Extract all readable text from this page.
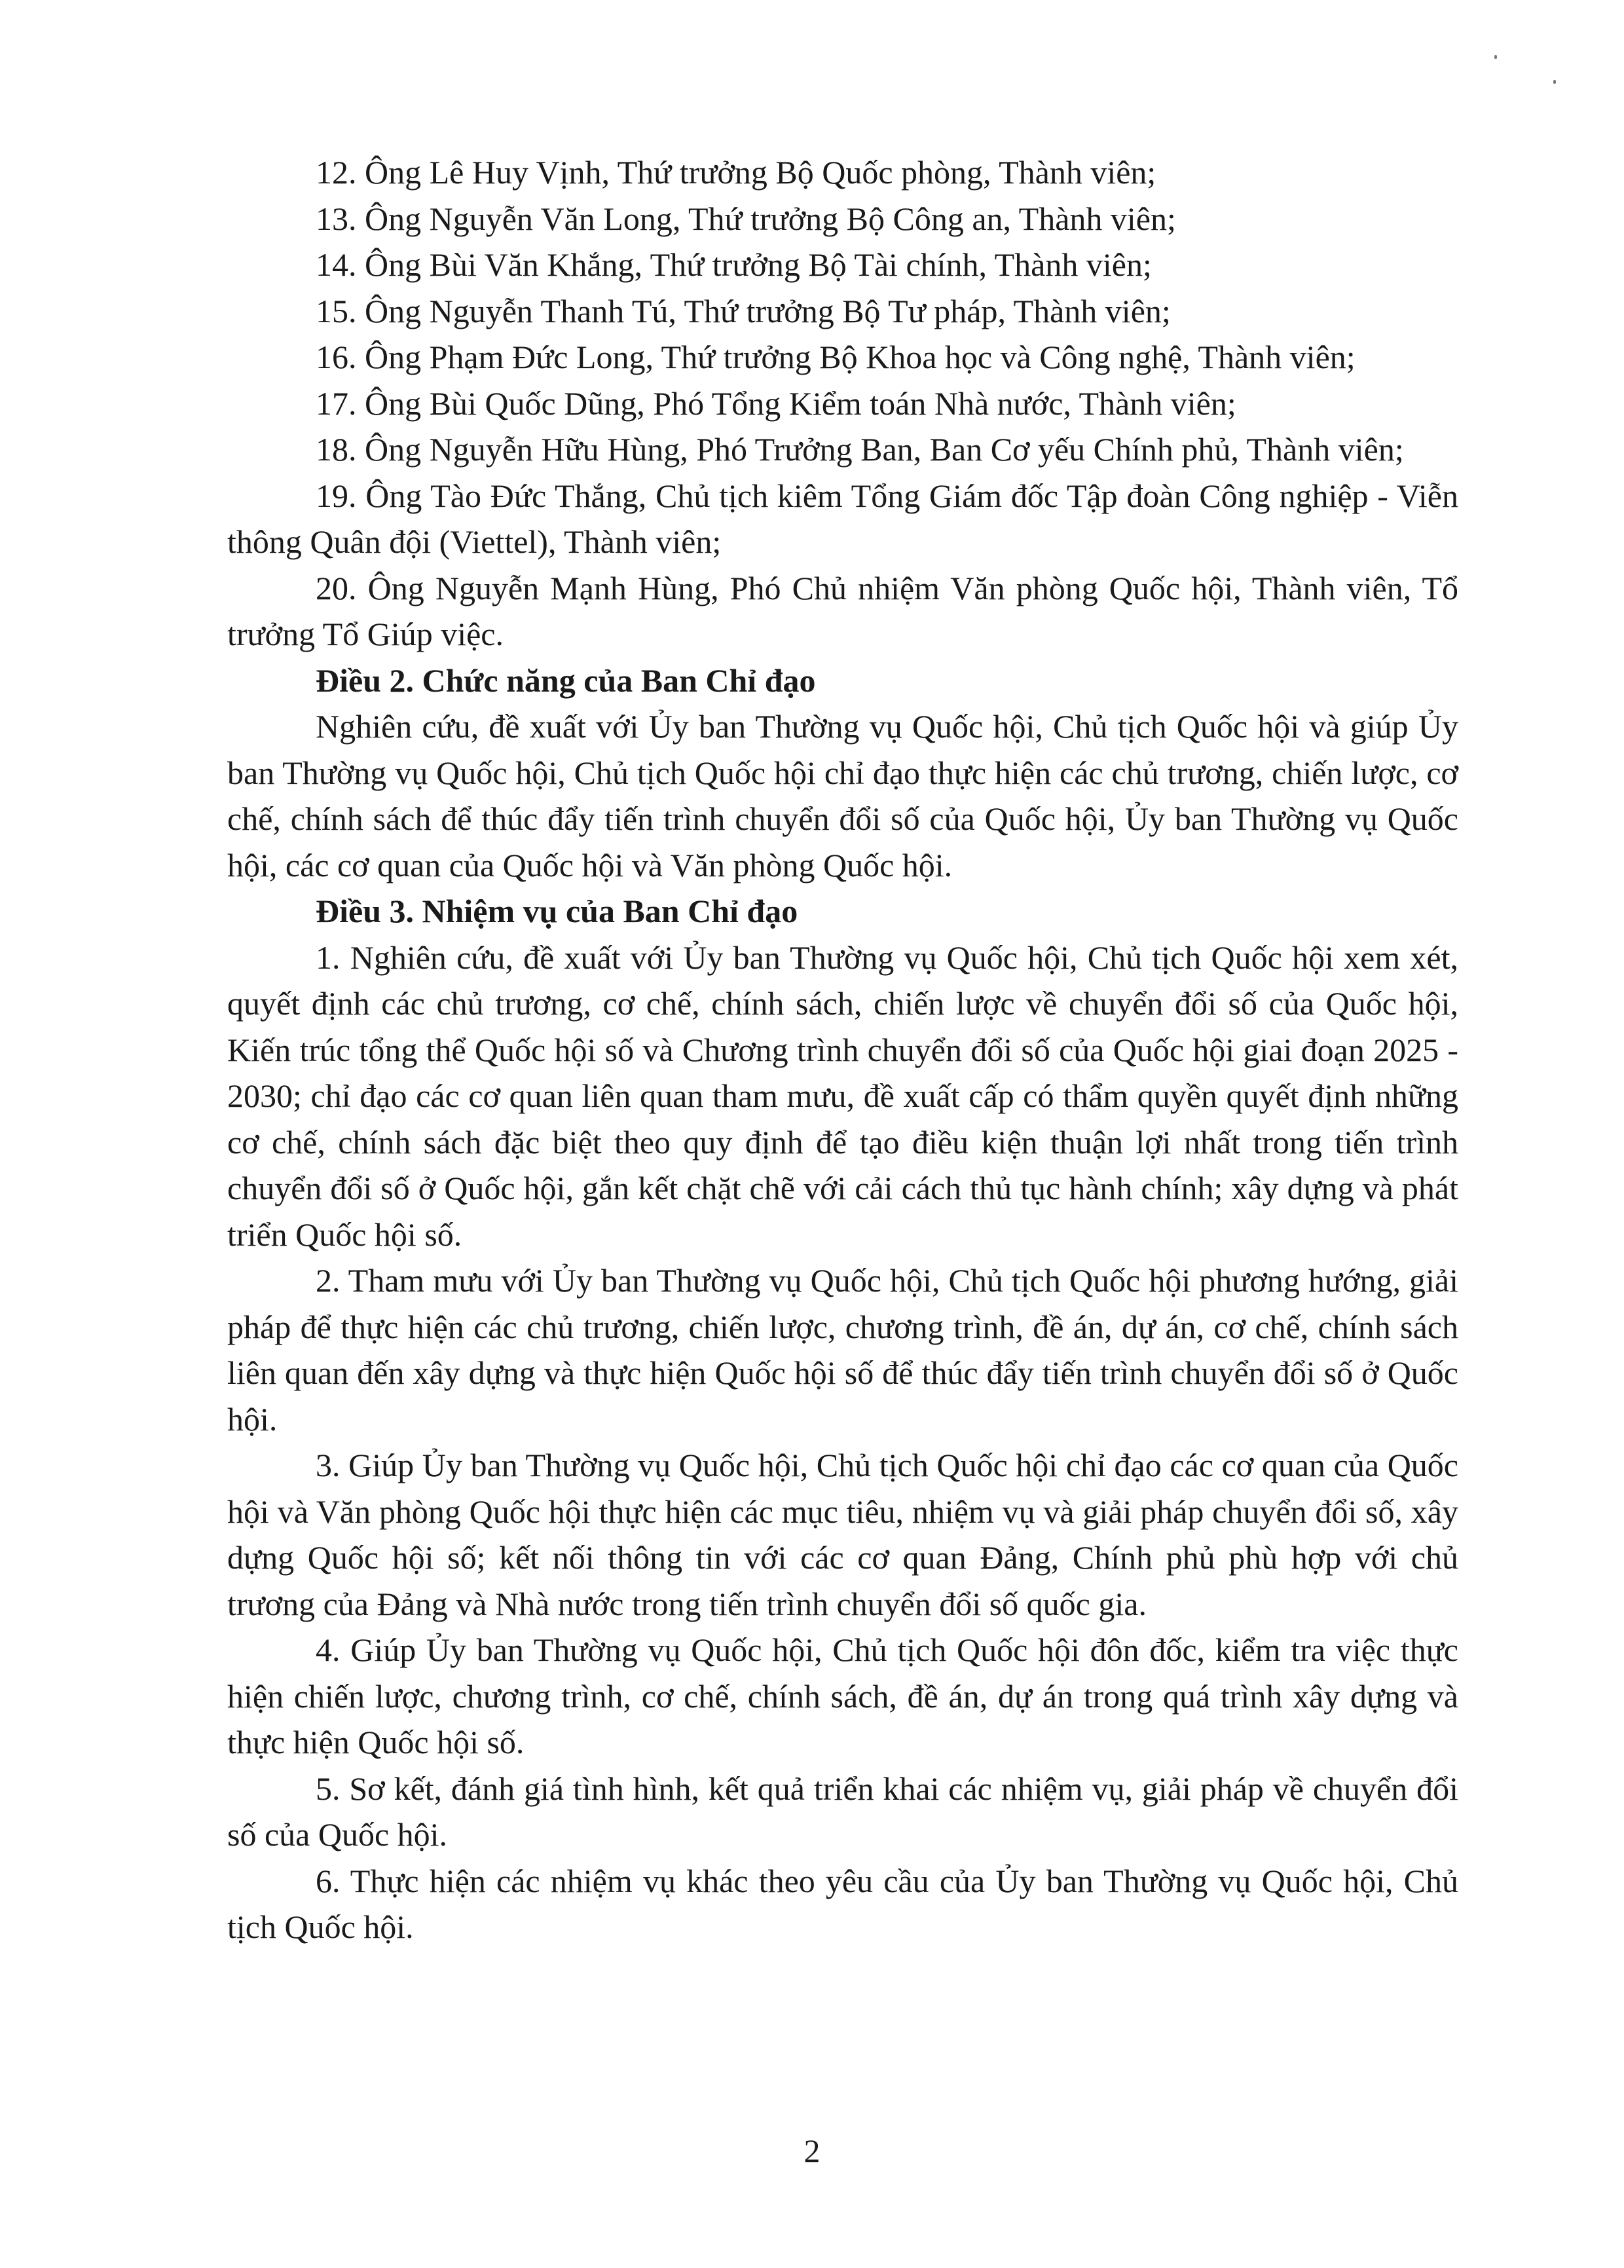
12. Ông Lê Huy Vịnh, Thứ trưởng Bộ Quốc phòng, Thành viên;

13. Ông Nguyễn Văn Long, Thứ trưởng Bộ Công an, Thành viên;

14. Ông Bùi Văn Khắng, Thứ trưởng Bộ Tài chính, Thành viên;

15. Ông Nguyễn Thanh Tú, Thứ trưởng Bộ Tư pháp, Thành viên;

16. Ông Phạm Đức Long, Thứ trưởng Bộ Khoa học và Công nghệ, Thành viên;

17. Ông Bùi Quốc Dũng, Phó Tổng Kiểm toán Nhà nước, Thành viên;

18. Ông Nguyễn Hữu Hùng, Phó Trưởng Ban, Ban Cơ yếu Chính phủ, Thành viên;

19. Ông Tào Đức Thắng, Chủ tịch kiêm Tổng Giám đốc Tập đoàn Công nghiệp - Viễn thông Quân đội (Viettel), Thành viên;

20. Ông Nguyễn Mạnh Hùng, Phó Chủ nhiệm Văn phòng Quốc hội, Thành viên, Tổ trưởng Tổ Giúp việc.

Điều 2. Chức năng của Ban Chỉ đạo

Nghiên cứu, đề xuất với Ủy ban Thường vụ Quốc hội, Chủ tịch Quốc hội và giúp Ủy ban Thường vụ Quốc hội, Chủ tịch Quốc hội chỉ đạo thực hiện các chủ trương, chiến lược, cơ chế, chính sách để thúc đẩy tiến trình chuyển đổi số của Quốc hội, Ủy ban Thường vụ Quốc hội, các cơ quan của Quốc hội và Văn phòng Quốc hội.

Điều 3. Nhiệm vụ của Ban Chỉ đạo

1. Nghiên cứu, đề xuất với Ủy ban Thường vụ Quốc hội, Chủ tịch Quốc hội xem xét, quyết định các chủ trương, cơ chế, chính sách, chiến lược về chuyển đổi số của Quốc hội, Kiến trúc tổng thể Quốc hội số và Chương trình chuyển đổi số của Quốc hội giai đoạn 2025 - 2030; chỉ đạo các cơ quan liên quan tham mưu, đề xuất cấp có thẩm quyền quyết định những cơ chế, chính sách đặc biệt theo quy định để tạo điều kiện thuận lợi nhất trong tiến trình chuyển đổi số ở Quốc hội, gắn kết chặt chẽ với cải cách thủ tục hành chính; xây dựng và phát triển Quốc hội số.

2. Tham mưu với Ủy ban Thường vụ Quốc hội, Chủ tịch Quốc hội phương hướng, giải pháp để thực hiện các chủ trương, chiến lược, chương trình, đề án, dự án, cơ chế, chính sách liên quan đến xây dựng và thực hiện Quốc hội số để thúc đẩy tiến trình chuyển đổi số ở Quốc hội.

3. Giúp Ủy ban Thường vụ Quốc hội, Chủ tịch Quốc hội chỉ đạo các cơ quan của Quốc hội và Văn phòng Quốc hội thực hiện các mục tiêu, nhiệm vụ và giải pháp chuyển đổi số, xây dựng Quốc hội số; kết nối thông tin với các cơ quan Đảng, Chính phủ phù hợp với chủ trương của Đảng và Nhà nước trong tiến trình chuyển đổi số quốc gia.

4. Giúp Ủy ban Thường vụ Quốc hội, Chủ tịch Quốc hội đôn đốc, kiểm tra việc thực hiện chiến lược, chương trình, cơ chế, chính sách, đề án, dự án trong quá trình xây dựng và thực hiện Quốc hội số.

5. Sơ kết, đánh giá tình hình, kết quả triển khai các nhiệm vụ, giải pháp về chuyển đổi số của Quốc hội.

6. Thực hiện các nhiệm vụ khác theo yêu cầu của Ủy ban Thường vụ Quốc hội, Chủ tịch Quốc hội.

2
